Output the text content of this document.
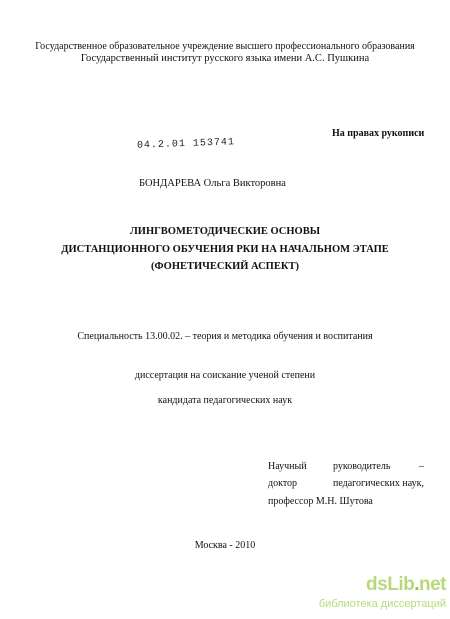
Государственное образовательное учреждение высшего профессионального образования
Государственный институт русского языка имени А.С. Пушкина
На правах рукописи
04.2.01 153741
БОНДАРЕВА Ольга Викторовна
ЛИНГВОМЕТОДИЧЕСКИЕ ОСНОВЫ
ДИСТАНЦИОННОГО ОБУЧЕНИЯ РКИ НА НАЧАЛЬНОМ ЭТАПЕ
(ФОНЕТИЧЕСКИЙ АСПЕКТ)
Специальность 13.00.02. – теория и методика обучения и воспитания
диссертация на соискание ученой степени
кандидата педагогических наук
Научный	руководитель	–
доктор	педагогических наук,
профессор М.Н. Шутова
Москва - 2010
dsLib.net
библиотека диссертаций
